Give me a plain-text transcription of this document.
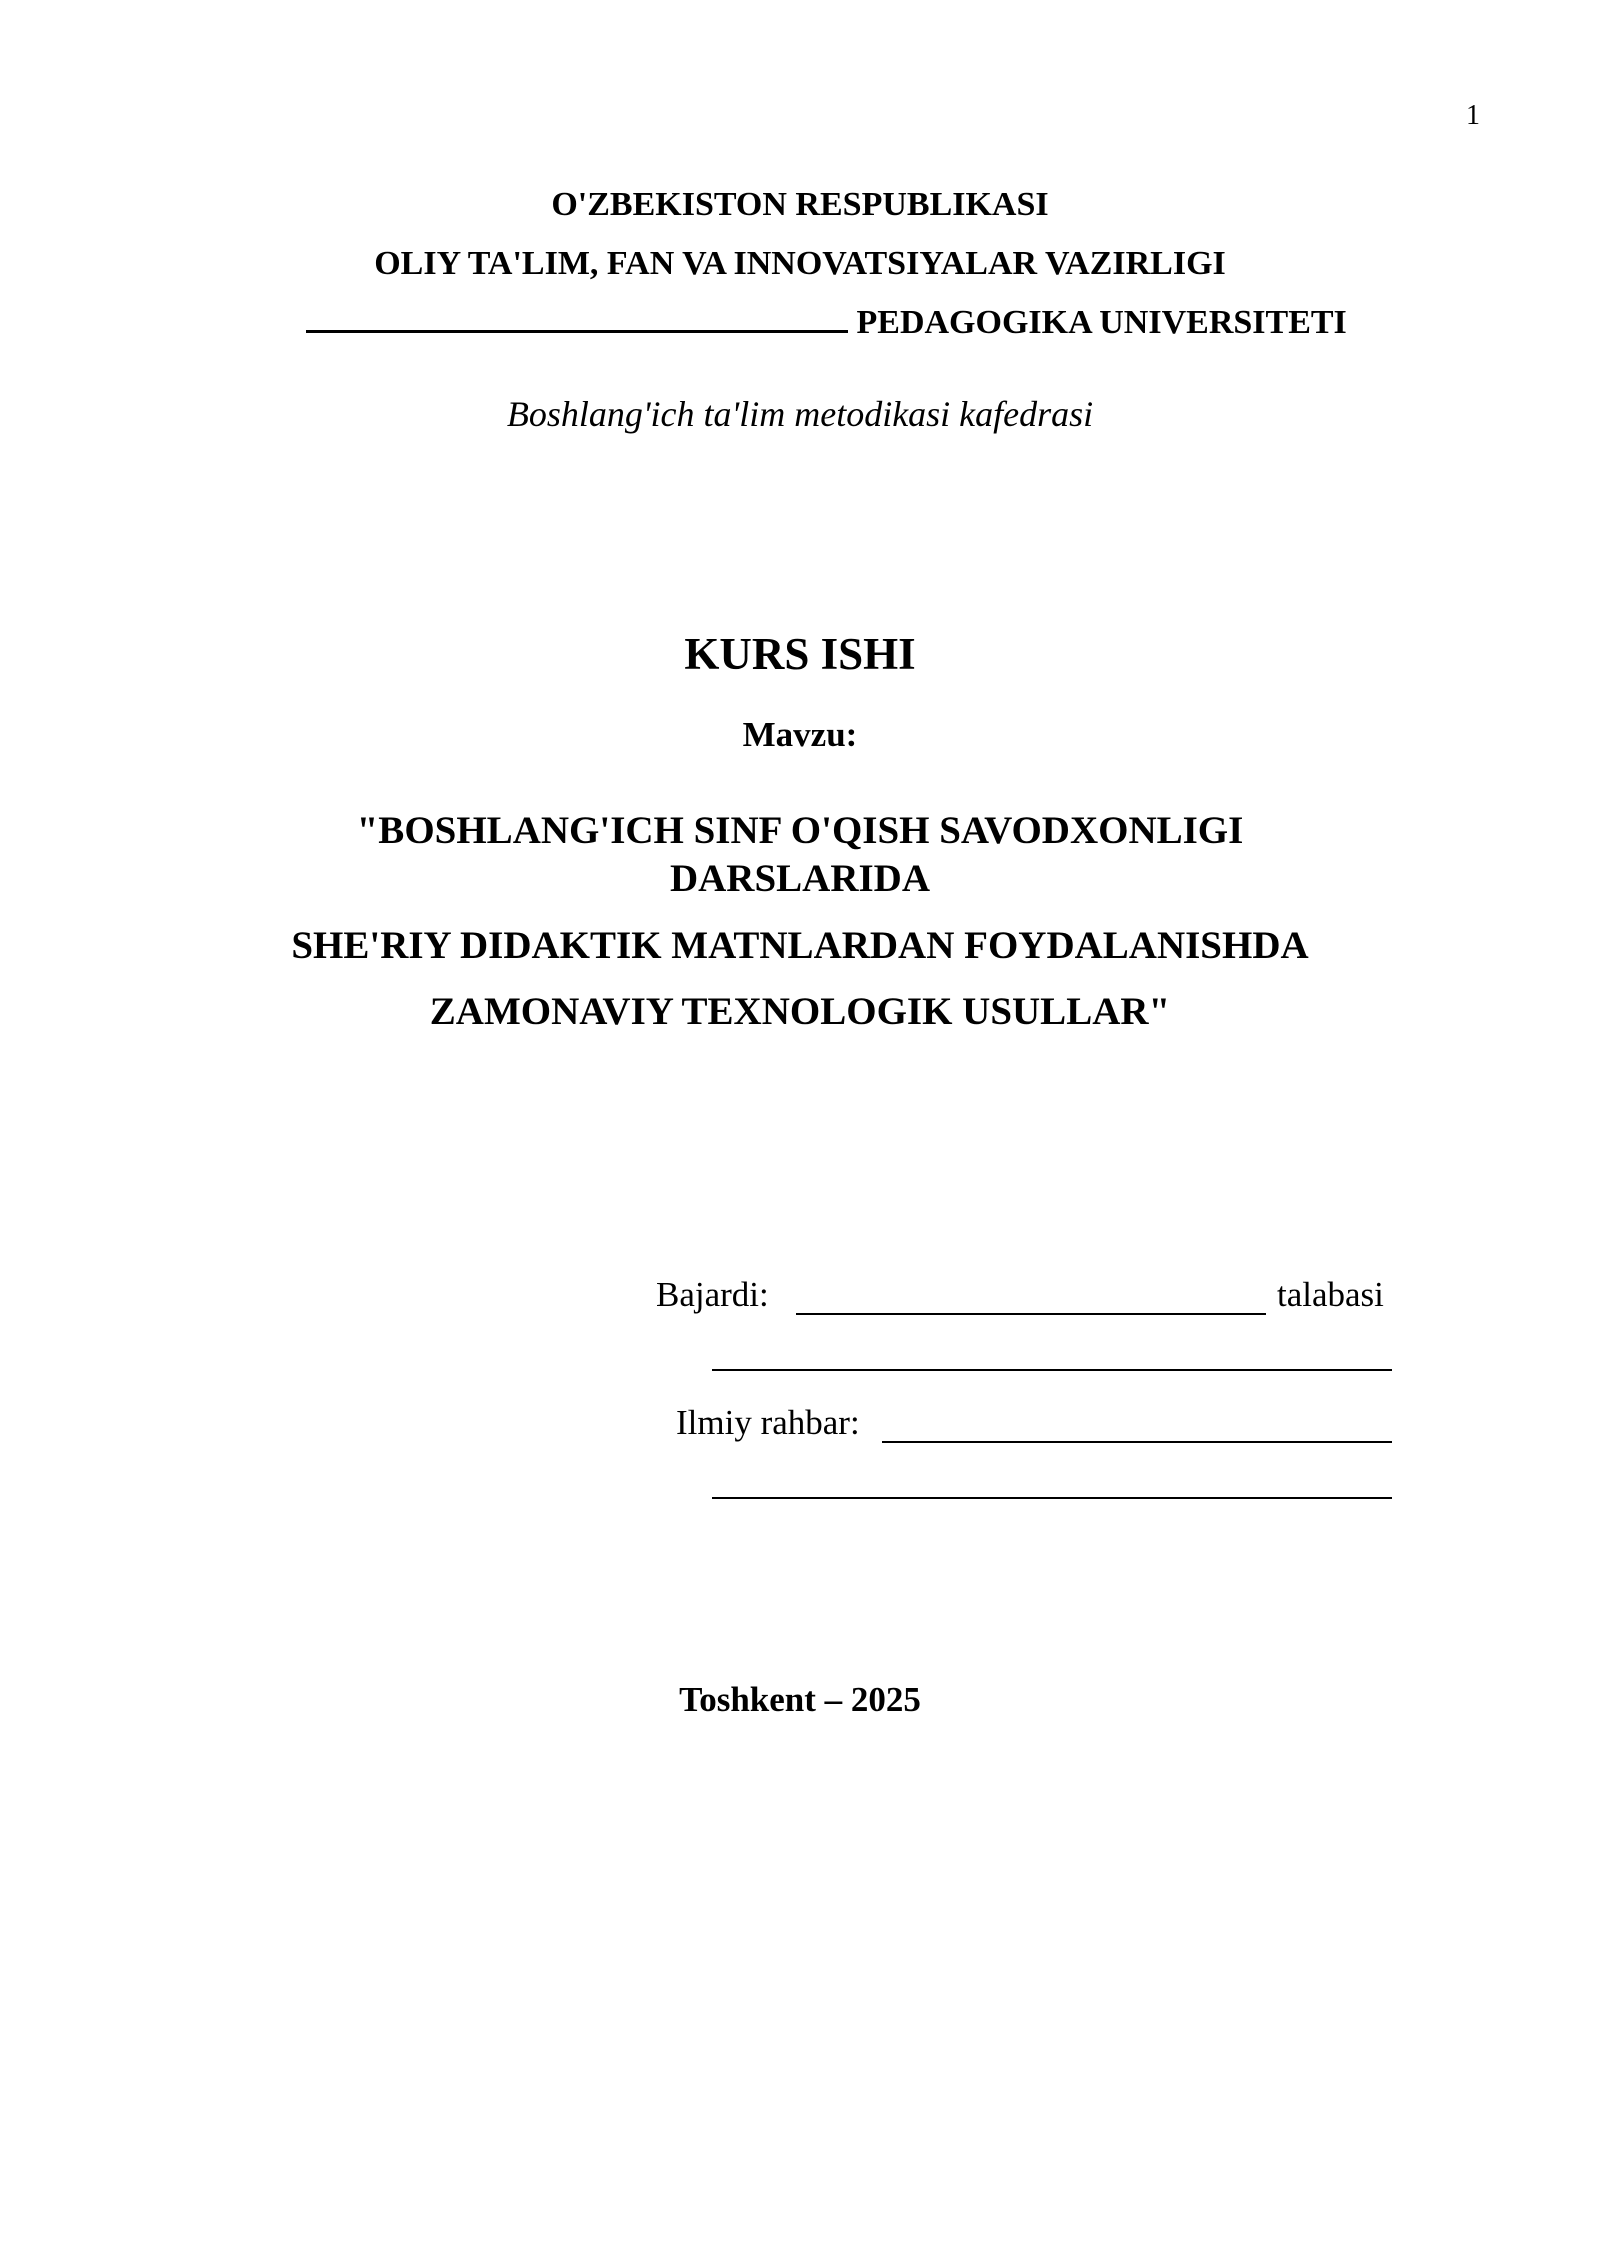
1
O'ZBEKISTON RESPUBLIKASI
OLIY TA'LIM, FAN VA INNOVATSIYALAR VAZIRLIGI
PEDAGOGIKA UNIVERSITETI
Boshlang'ich ta'lim metodikasi kafedrasi
KURS ISHI
Mavzu:
"BOSHLANG'ICH SINF O'QISH SAVODXONLIGI
DARSLARIDA
SHE'RIY DIDAKTIK MATNLARDAN FOYDALANISHDA
ZAMONAVIY TEXNOLOGIK USULLAR"
Bajardi:	talabasi
Ilmiy rahbar:
Toshkent – 2025
